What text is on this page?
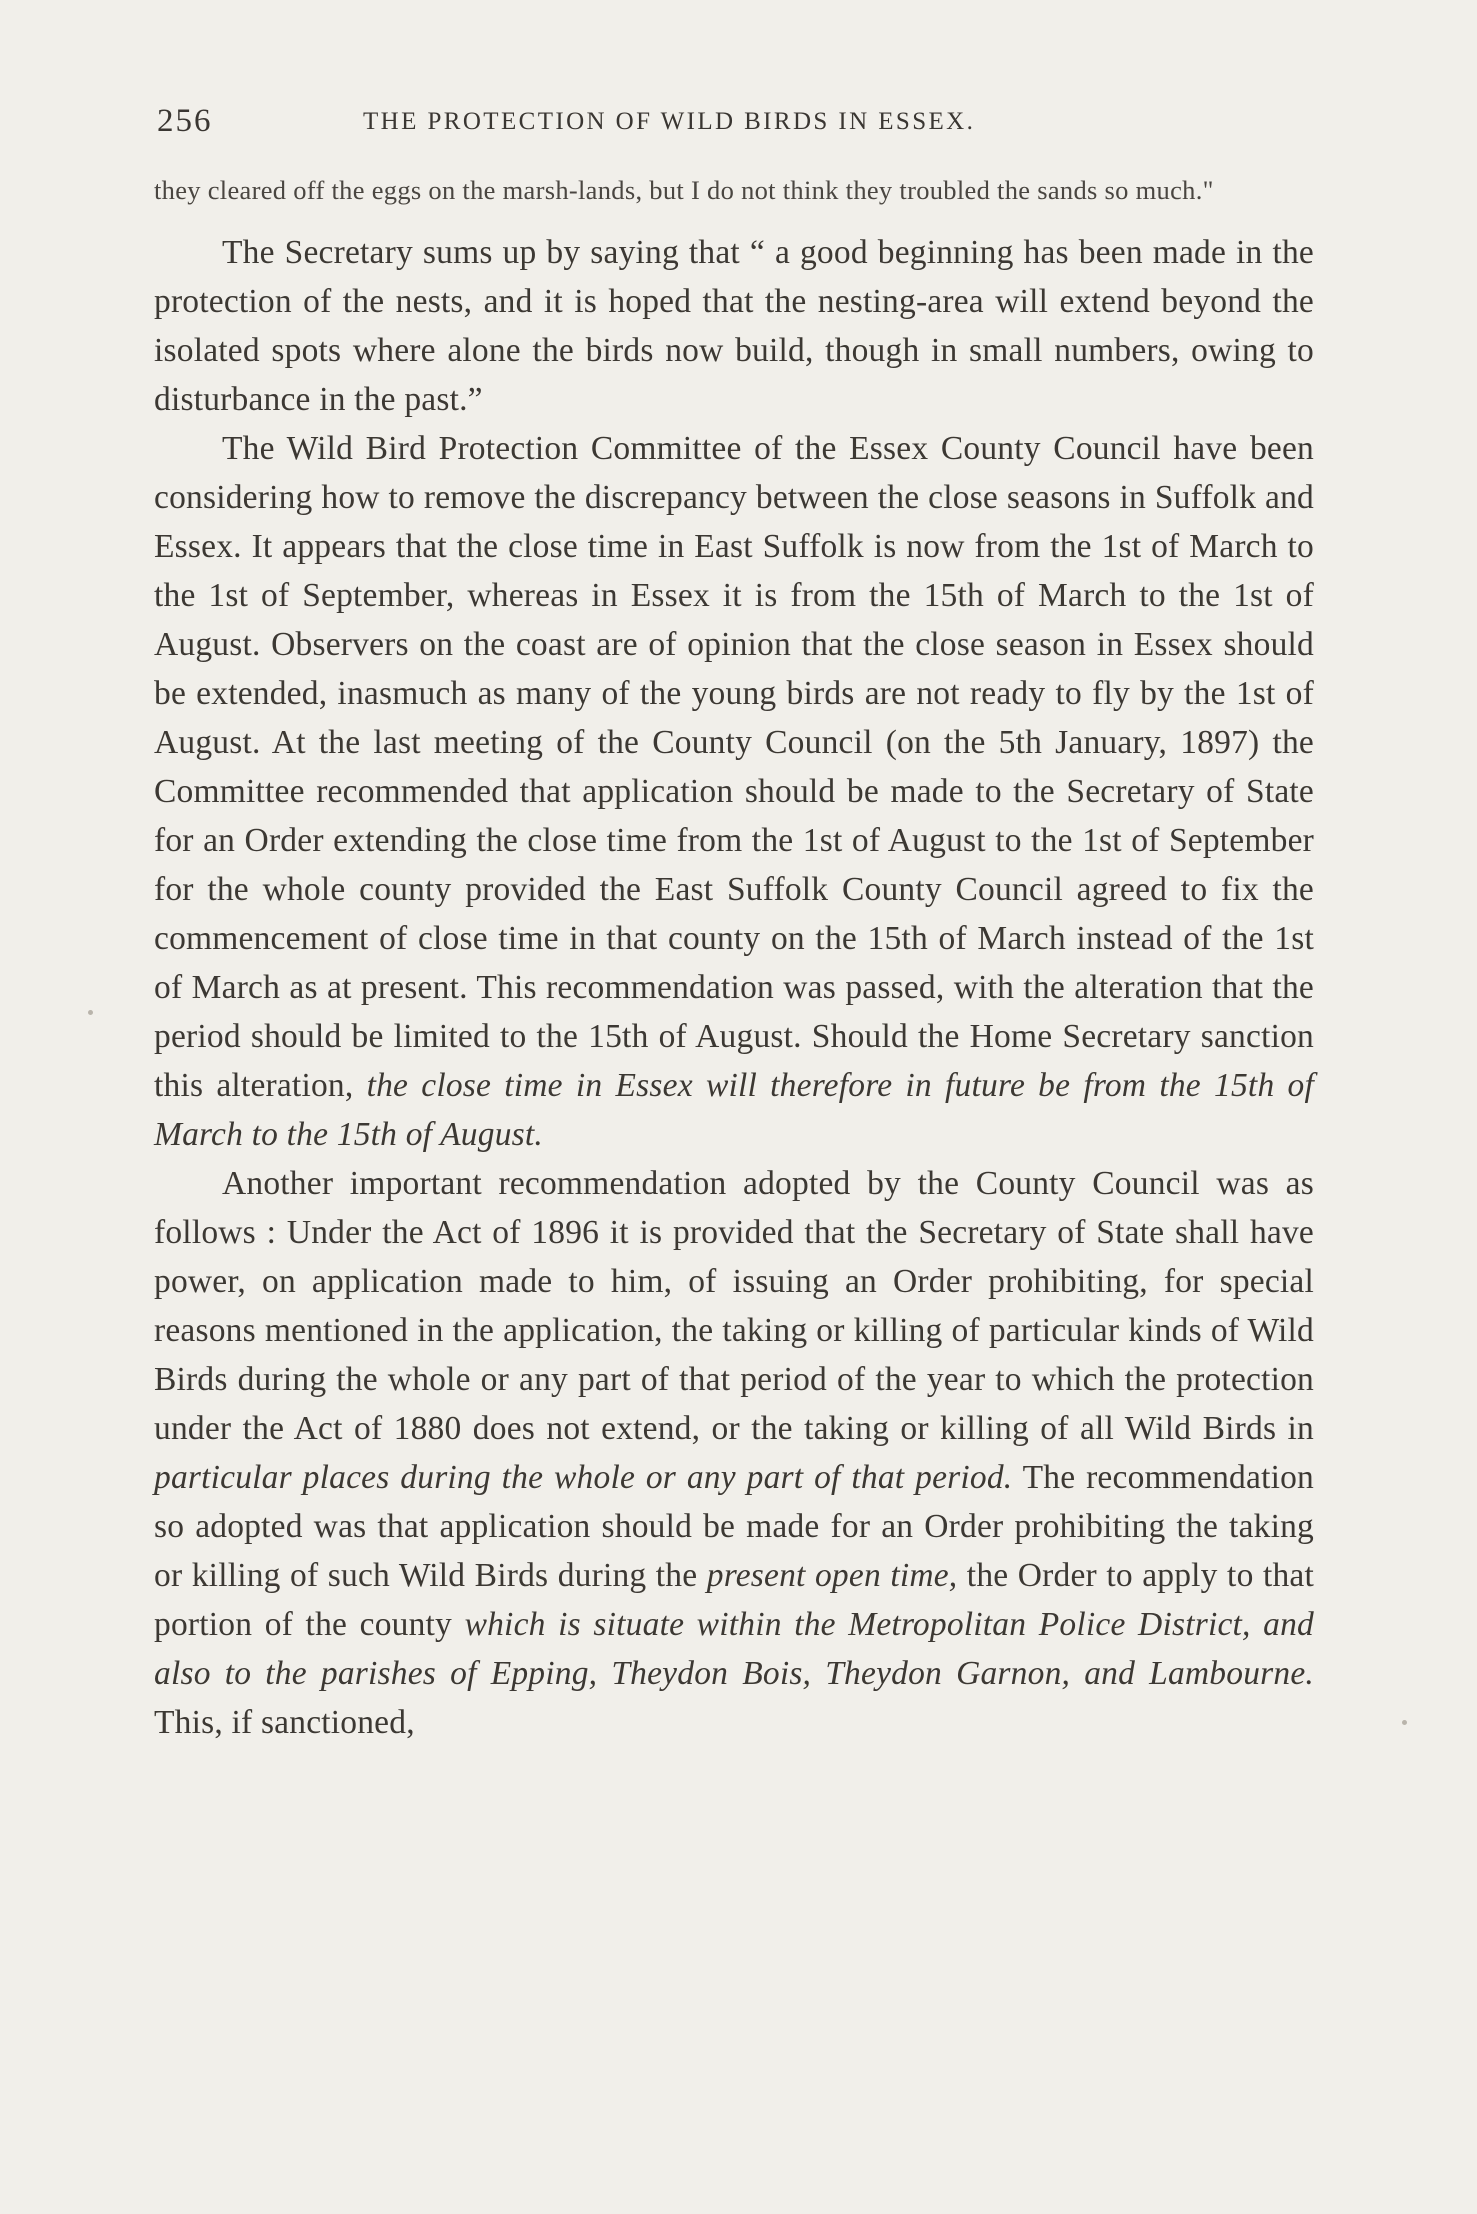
256	THE PROTECTION OF WILD BIRDS IN ESSEX.

they cleared off the eggs on the marsh-lands, but I do not think they troubled the sands so much."

The Secretary sums up by saying that “ a good beginning has been made in the protection of the nests, and it is hoped that the nesting-area will extend beyond the isolated spots where alone the birds now build, though in small numbers, owing to disturbance in the past.”

The Wild Bird Protection Committee of the Essex County Council have been considering how to remove the discrepancy between the close seasons in Suffolk and Essex. It appears that the close time in East Suffolk is now from the 1st of March to the 1st of September, whereas in Essex it is from the 15th of March to the 1st of August. Observers on the coast are of opinion that the close season in Essex should be extended, inasmuch as many of the young birds are not ready to fly by the 1st of August. At the last meeting of the County Council (on the 5th January, 1897) the Committee recommended that application should be made to the Secretary of State for an Order extending the close time from the 1st of August to the 1st of September for the whole county provided the East Suffolk County Council agreed to fix the commencement of close time in that county on the 15th of March instead of the 1st of March as at present. This recommendation was passed, with the alteration that the period should be limited to the 15th of August. Should the Home Secretary sanction this alteration, the close time in Essex will therefore in future be from the 15th of March to the 15th of August.

Another important recommendation adopted by the County Council was as follows : Under the Act of 1896 it is provided that the Secretary of State shall have power, on application made to him, of issuing an Order prohibiting, for special reasons mentioned in the application, the taking or killing of particular kinds of Wild Birds during the whole or any part of that period of the year to which the protection under the Act of 1880 does not extend, or the taking or killing of all Wild Birds in particular places during the whole or any part of that period. The recommendation so adopted was that application should be made for an Order prohibiting the taking or killing of such Wild Birds during the present open time, the Order to apply to that portion of the county which is situate within the Metropolitan Police District, and also to the parishes of Epping, Theydon Bois, Theydon Garnon, and Lambourne. This, if sanctioned,
